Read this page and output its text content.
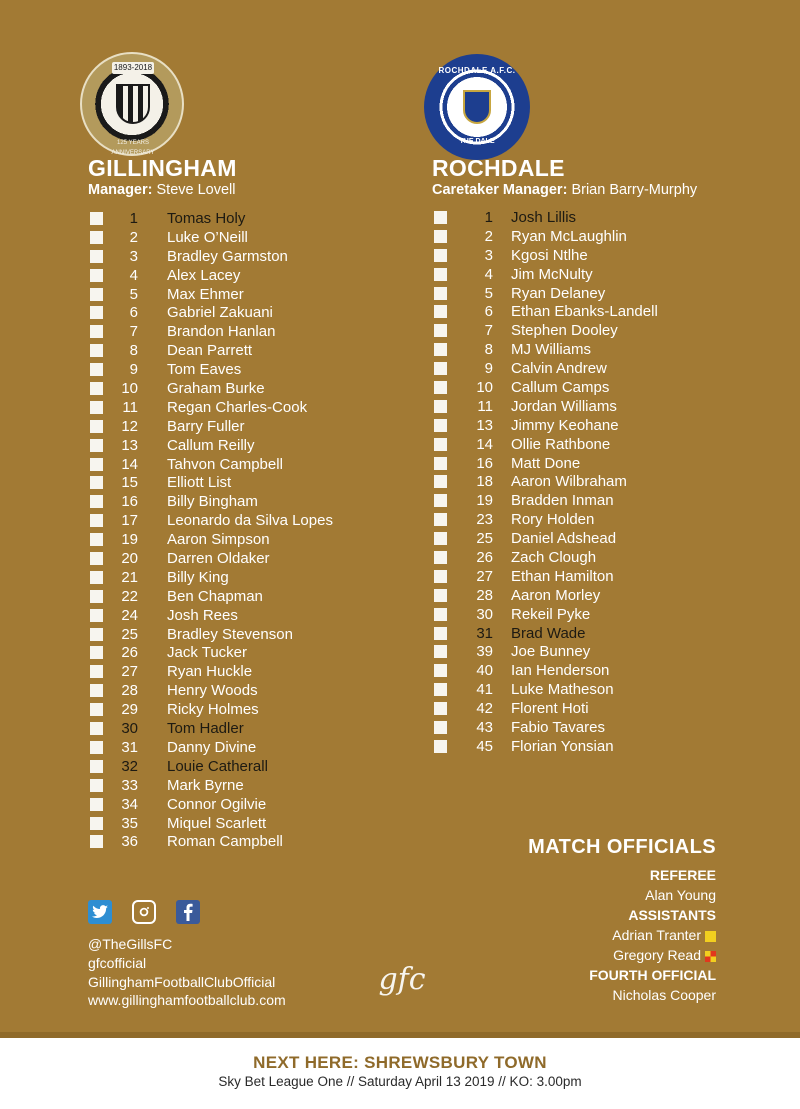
1893-2018
125 YEARS ANNIVERSARY
ROCHDALE A.F.C.
THE DALE
GILLINGHAM
Manager: Steve Lovell
ROCHDALE
Caretaker Manager: Brian Barry-Murphy
1 Tomas Holy
2 Luke O’Neill
3 Bradley Garmston
4 Alex Lacey
5 Max Ehmer
6 Gabriel Zakuani
7 Brandon Hanlan
8 Dean Parrett
9 Tom Eaves
10 Graham Burke
11 Regan Charles-Cook
12 Barry Fuller
13 Callum Reilly
14 Tahvon Campbell
15 Elliott List
16 Billy Bingham
17 Leonardo da Silva Lopes
19 Aaron Simpson
20 Darren Oldaker
21 Billy King
22 Ben Chapman
24 Josh Rees
25 Bradley Stevenson
26 Jack Tucker
27 Ryan Huckle
28 Henry Woods
29 Ricky Holmes
30 Tom Hadler
31 Danny Divine
32 Louie Catherall
33 Mark Byrne
34 Connor Ogilvie
35 Miquel Scarlett
36 Roman Campbell
1 Josh Lillis
2 Ryan McLaughlin
3 Kgosi Ntlhe
4 Jim McNulty
5 Ryan Delaney
6 Ethan Ebanks-Landell
7 Stephen Dooley
8 MJ Williams
9 Calvin Andrew
10 Callum Camps
11 Jordan Williams
13 Jimmy Keohane
14 Ollie Rathbone
16 Matt Done
18 Aaron Wilbraham
19 Bradden Inman
23 Rory Holden
25 Daniel Adshead
26 Zach Clough
27 Ethan Hamilton
28 Aaron Morley
30 Rekeil Pyke
31 Brad Wade
39 Joe Bunney
40 Ian Henderson
41 Luke Matheson
42 Florent Hoti
43 Fabio Tavares
45 Florian Yonsian
MATCH OFFICIALS
REFEREE
Alan Young
ASSISTANTS
Adrian Tranter
Gregory Read
FOURTH OFFICIAL
Nicholas Cooper
@TheGillsFC
gfcofficial
GillinghamFootballClubOfficial
www.gillinghamfootballclub.com
gfc
NEXT HERE: SHREWSBURY TOWN
Sky Bet League One // Saturday April 13 2019 // KO: 3.00pm
